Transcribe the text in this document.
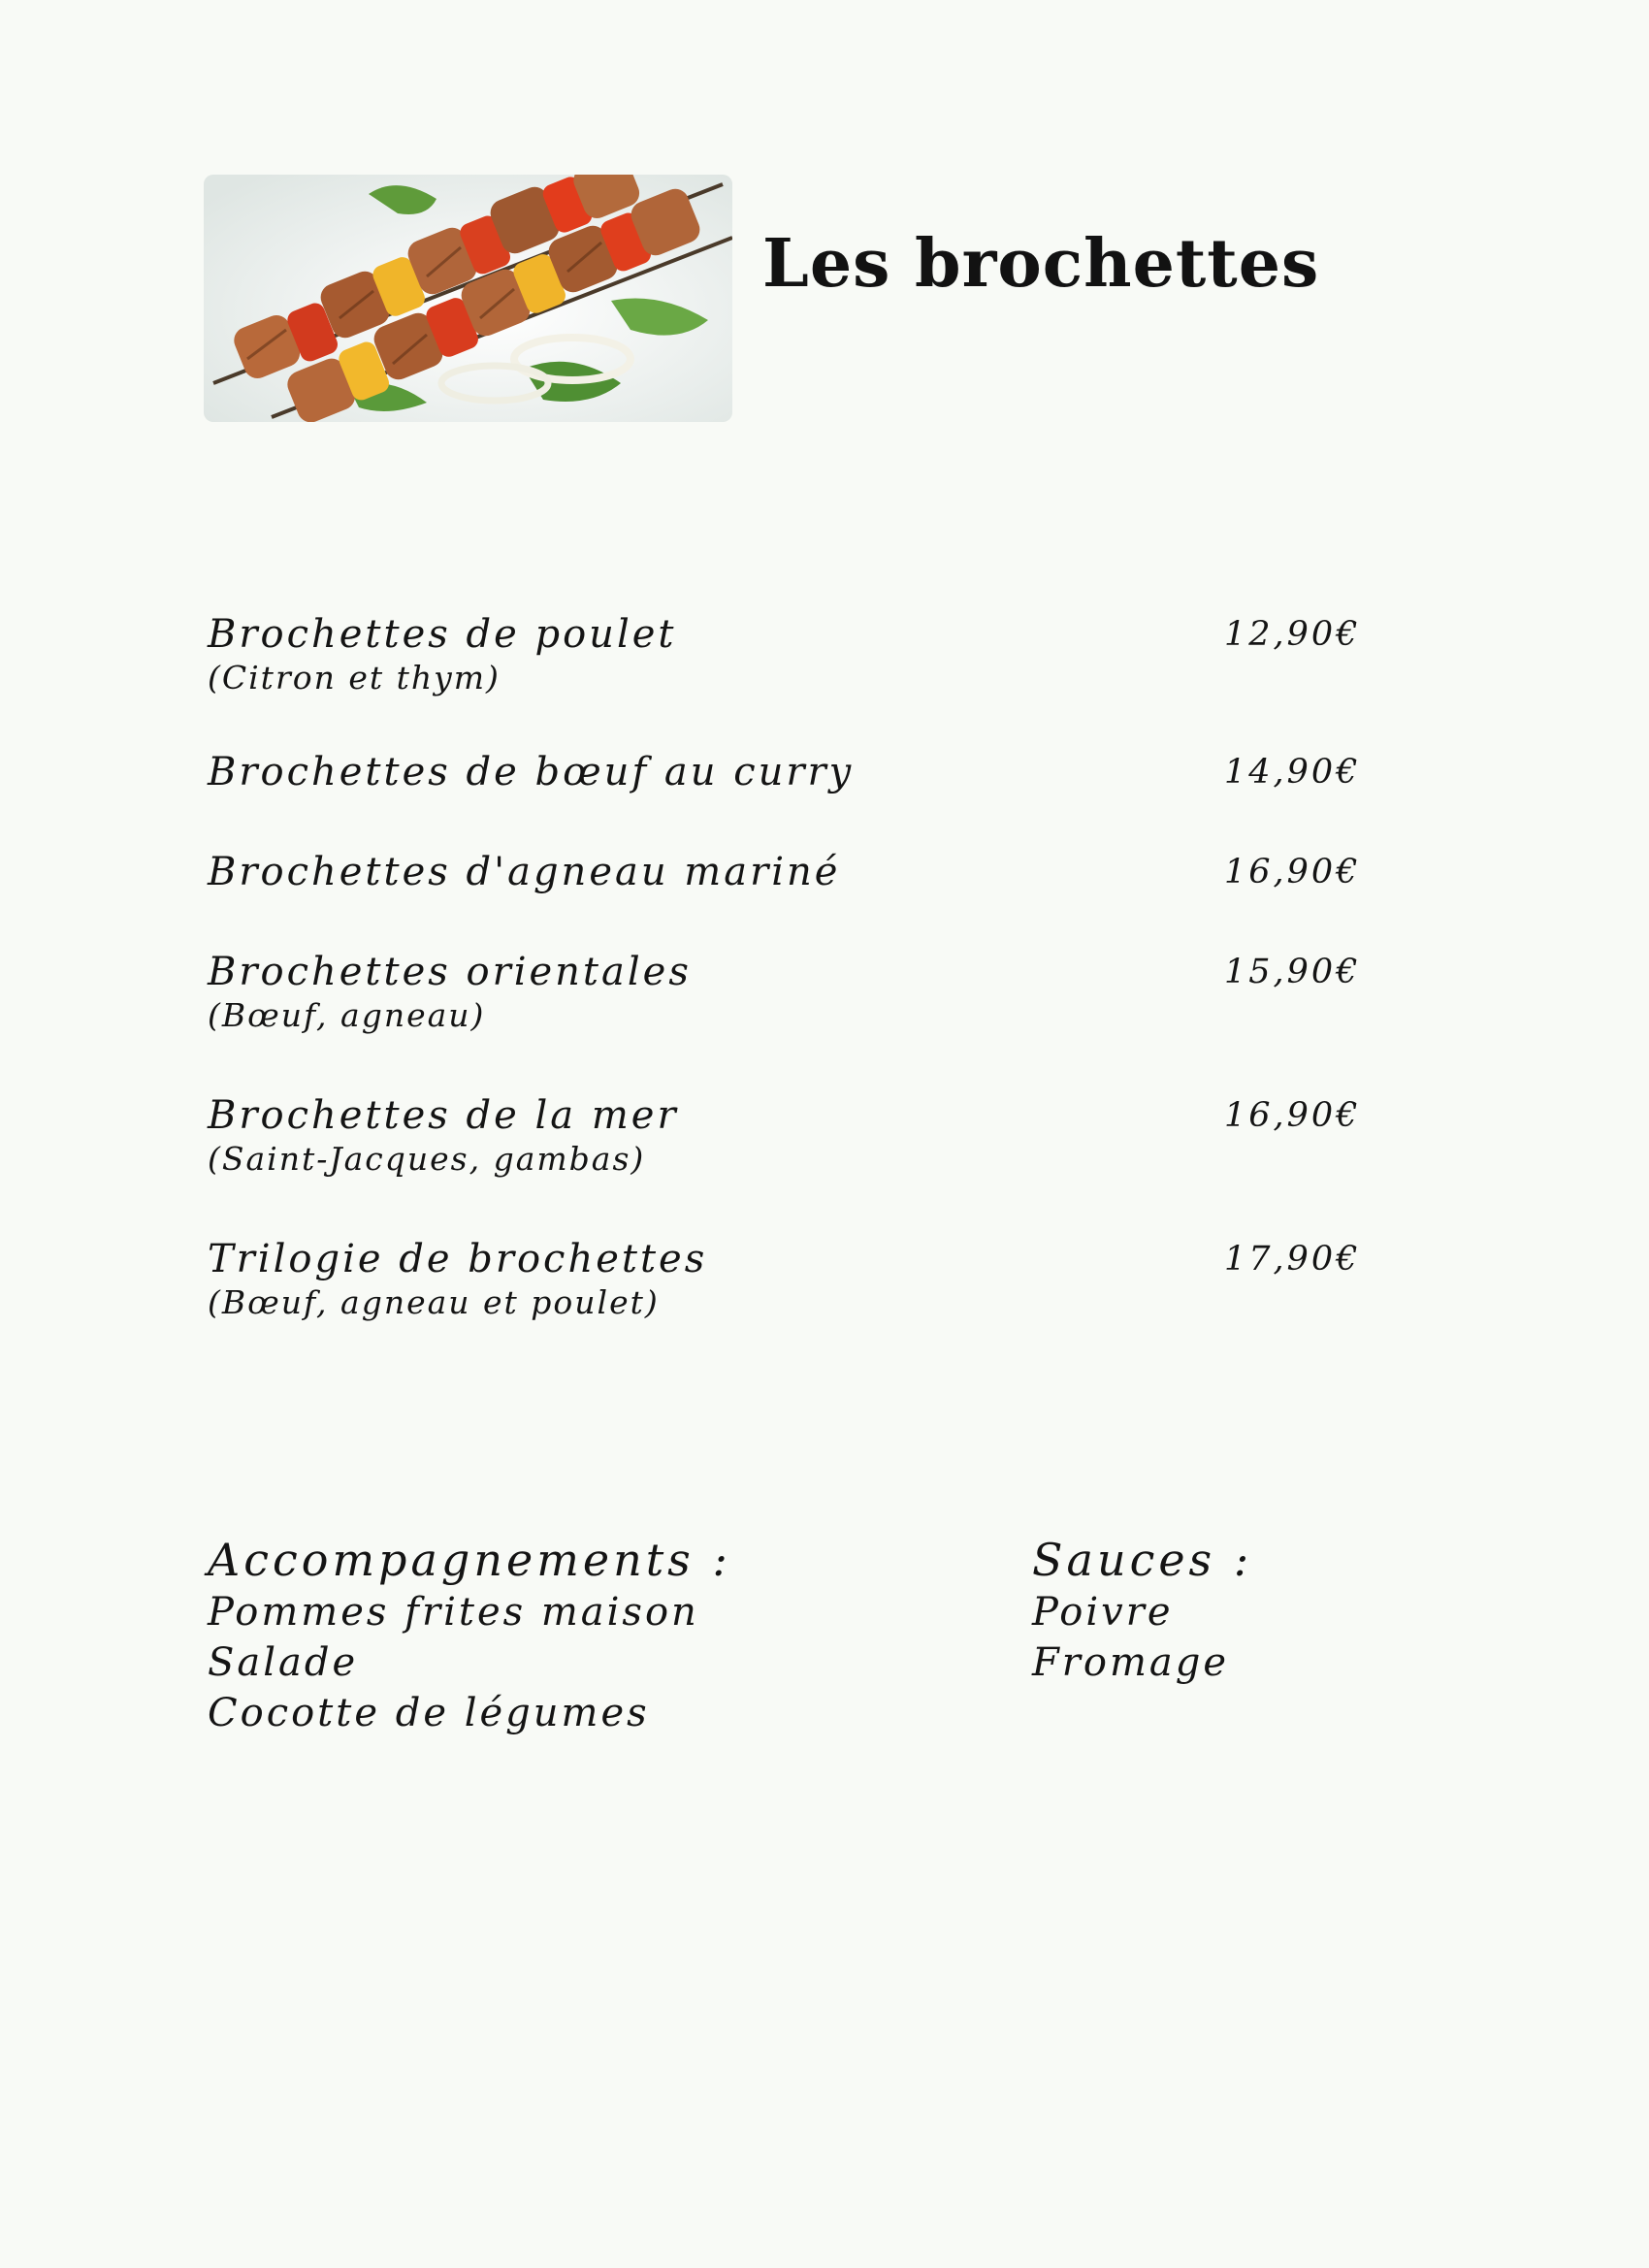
Les brochettes
Brochettes de poulet
(Citron et thym)
12,90€
Brochettes de bœuf au curry	14,90€
Brochettes d'agneau mariné	16,90€
Brochettes orientales
(Bœuf, agneau)
15,90€
Brochettes de la mer
(Saint-Jacques, gambas)
16,90€
Trilogie de brochettes
(Bœuf, agneau et poulet)
17,90€
Accompagnements :
Pommes frites maison
Salade
Cocotte de légumes
Sauces :
Poivre
Fromage
